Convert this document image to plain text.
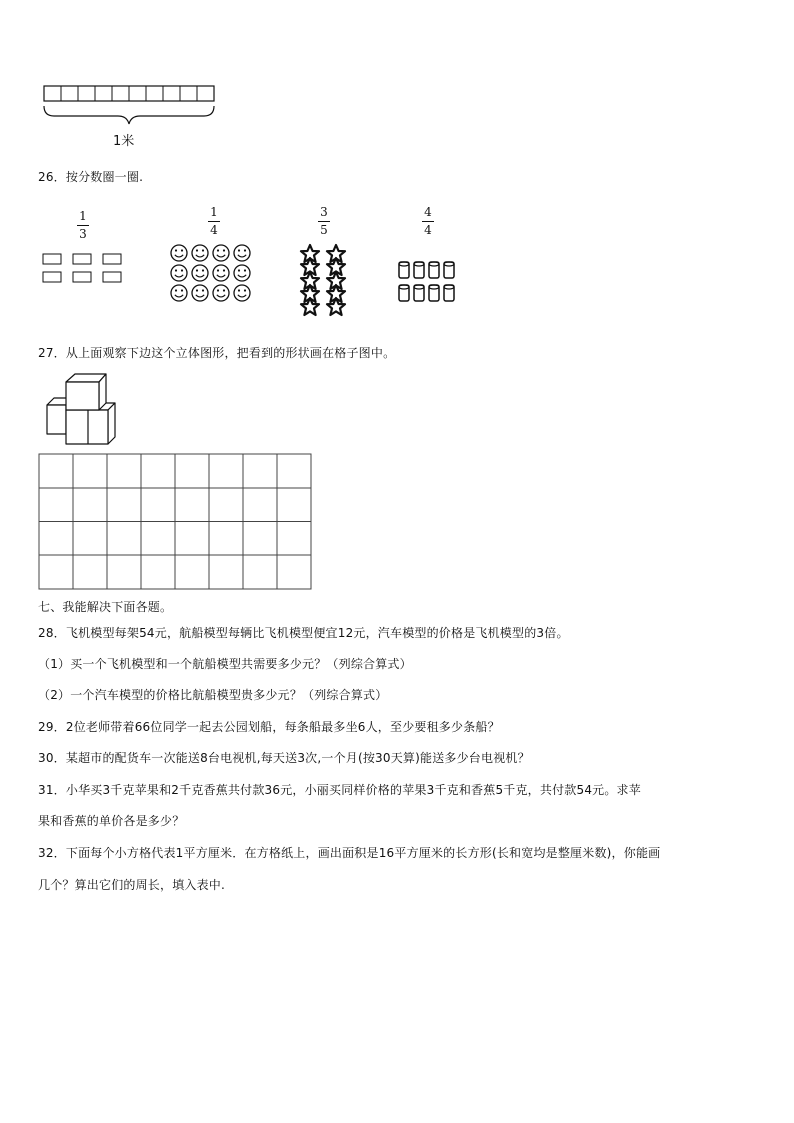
1米
26．按分数圈一圈.
1
3
1
4
3
5
4
4
27．从上面观察下边这个立体图形，把看到的形状画在格子图中。
七、我能解决下面各题。
28．飞机模型每架54元，航船模型每辆比飞机模型便宜12元，汽车模型的价格是飞机模型的3倍。
（1）买一个飞机模型和一个航船模型共需要多少元？（列综合算式）
（2）一个汽车模型的价格比航船模型贵多少元？（列综合算式）
29．2位老师带着66位同学一起去公园划船，每条船最多坐6人，至少要租多少条船？
30．某超市的配货车一次能送8台电视机,每天送3次,一个月(按30天算)能送多少台电视机？
31．小华买3千克苹果和2千克香蕉共付款36元，小丽买同样价格的苹果3千克和香蕉5千克，共付款54元。求苹
果和香蕉的单价各是多少？
32．下面每个小方格代表1平方厘米．在方格纸上，画出面积是16平方厘米的长方形(长和宽均是整厘米数)，你能画
几个？算出它们的周长，填入表中.
